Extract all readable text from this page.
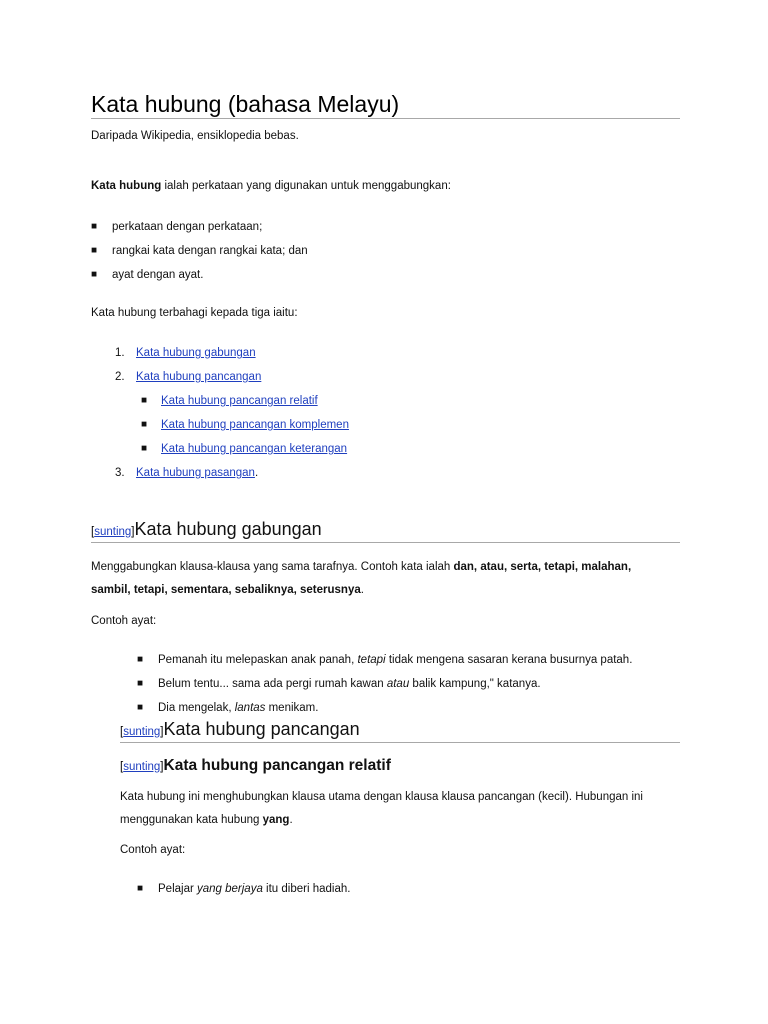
Kata hubung (bahasa Melayu)
Daripada Wikipedia, ensiklopedia bebas.
Kata hubung ialah perkataan yang digunakan untuk menggabungkan:
■ perkataan dengan perkataan;
■ rangkai kata dengan rangkai kata; dan
■ ayat dengan ayat.
Kata hubung terbahagi kepada tiga iaitu:
1. Kata hubung gabungan
2. Kata hubung pancangan
■ Kata hubung pancangan relatif
■ Kata hubung pancangan komplemen
■ Kata hubung pancangan keterangan
3. Kata hubung pasangan.
[sunting]Kata hubung gabungan
Menggabungkan klausa-klausa yang sama tarafnya. Contoh kata ialah dan, atau, serta, tetapi, malahan,
sambil, tetapi, sementara, sebaliknya, seterusnya.
Contoh ayat:
■ Pemanah itu melepaskan anak panah, tetapi tidak mengena sasaran kerana busurnya patah.
■ Belum tentu... sama ada pergi rumah kawan atau balik kampung," katanya.
■ Dia mengelak, lantas menikam.
[sunting]Kata hubung pancangan
[sunting]Kata hubung pancangan relatif
Kata hubung ini menghubungkan klausa utama dengan klausa klausa pancangan (kecil). Hubungan ini
menggunakan kata hubung yang.
Contoh ayat:
■ Pelajar yang berjaya itu diberi hadiah.
